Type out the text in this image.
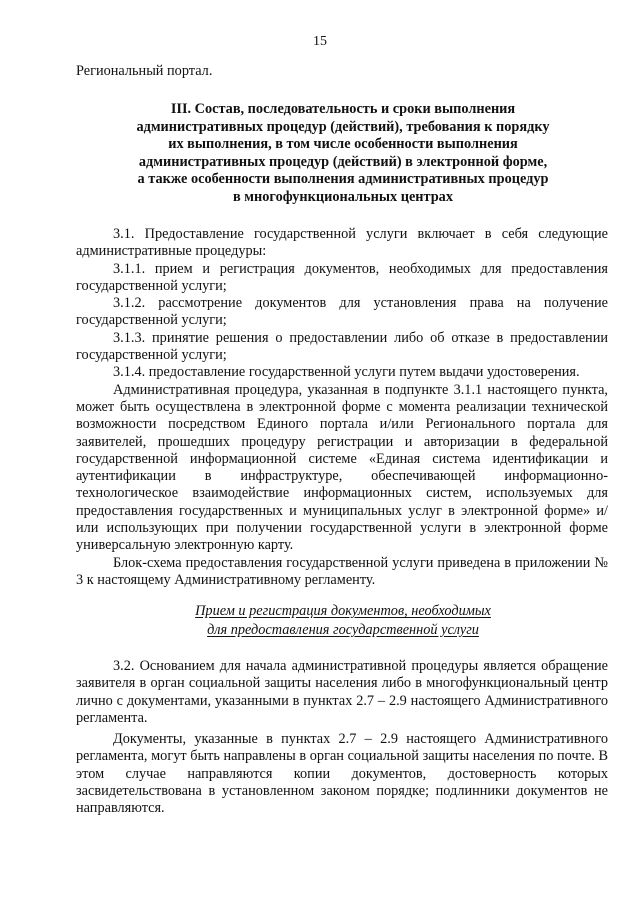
15
Региональный портал.
III. Состав, последовательность и сроки выполнения
административных процедур (действий), требования к порядку
их выполнения, в том числе особенности выполнения
административных процедур (действий) в электронной форме,
а также особенности выполнения административных процедур
в многофункциональных центрах

3.1. Предоставление государственной услуги включает в себя следующие административные процедуры:

3.1.1. прием и регистрация документов, необходимых для предоставления государственной услуги;

3.1.2. рассмотрение документов для установления права на получение государственной услуги;

3.1.3. принятие решения о предоставлении либо об отказе в предоставлении государственной услуги;

3.1.4. предоставление государственной услуги путем выдачи удостоверения.

Административная процедура, указанная в подпункте 3.1.1 настоящего пункта, может быть осуществлена в электронной форме с момента реализации технической возможности посредством Единого портала и/или Регионального портала для заявителей, прошедших процедуру регистрации и авторизации в федеральной государственной информационной системе «Единая система идентификации и аутентификации в инфраструктуре, обеспечивающей информационно-технологическое взаимодействие информационных систем, используемых для предоставления государственных и муниципальных услуг в электронной форме» и/или использующих при получении государственной услуги в электронной форме универсальную электронную карту.

Блок-схема предоставления государственной услуги приведена в приложении № 3 к настоящему Административному регламенту.

Прием и регистрация документов, необходимых
для предоставления государственной услуги

3.2. Основанием для начала административной процедуры является обращение заявителя в орган социальной защиты населения либо в многофункциональный центр лично с документами, указанными в пунктах 2.7 – 2.9 настоящего Административного регламента.

Документы, указанные в пунктах 2.7 – 2.9 настоящего Административного регламента, могут быть направлены в орган социальной защиты населения по почте. В этом случае направляются копии документов, достоверность которых засвидетельствована в установленном законом порядке; подлинники документов не направляются.
